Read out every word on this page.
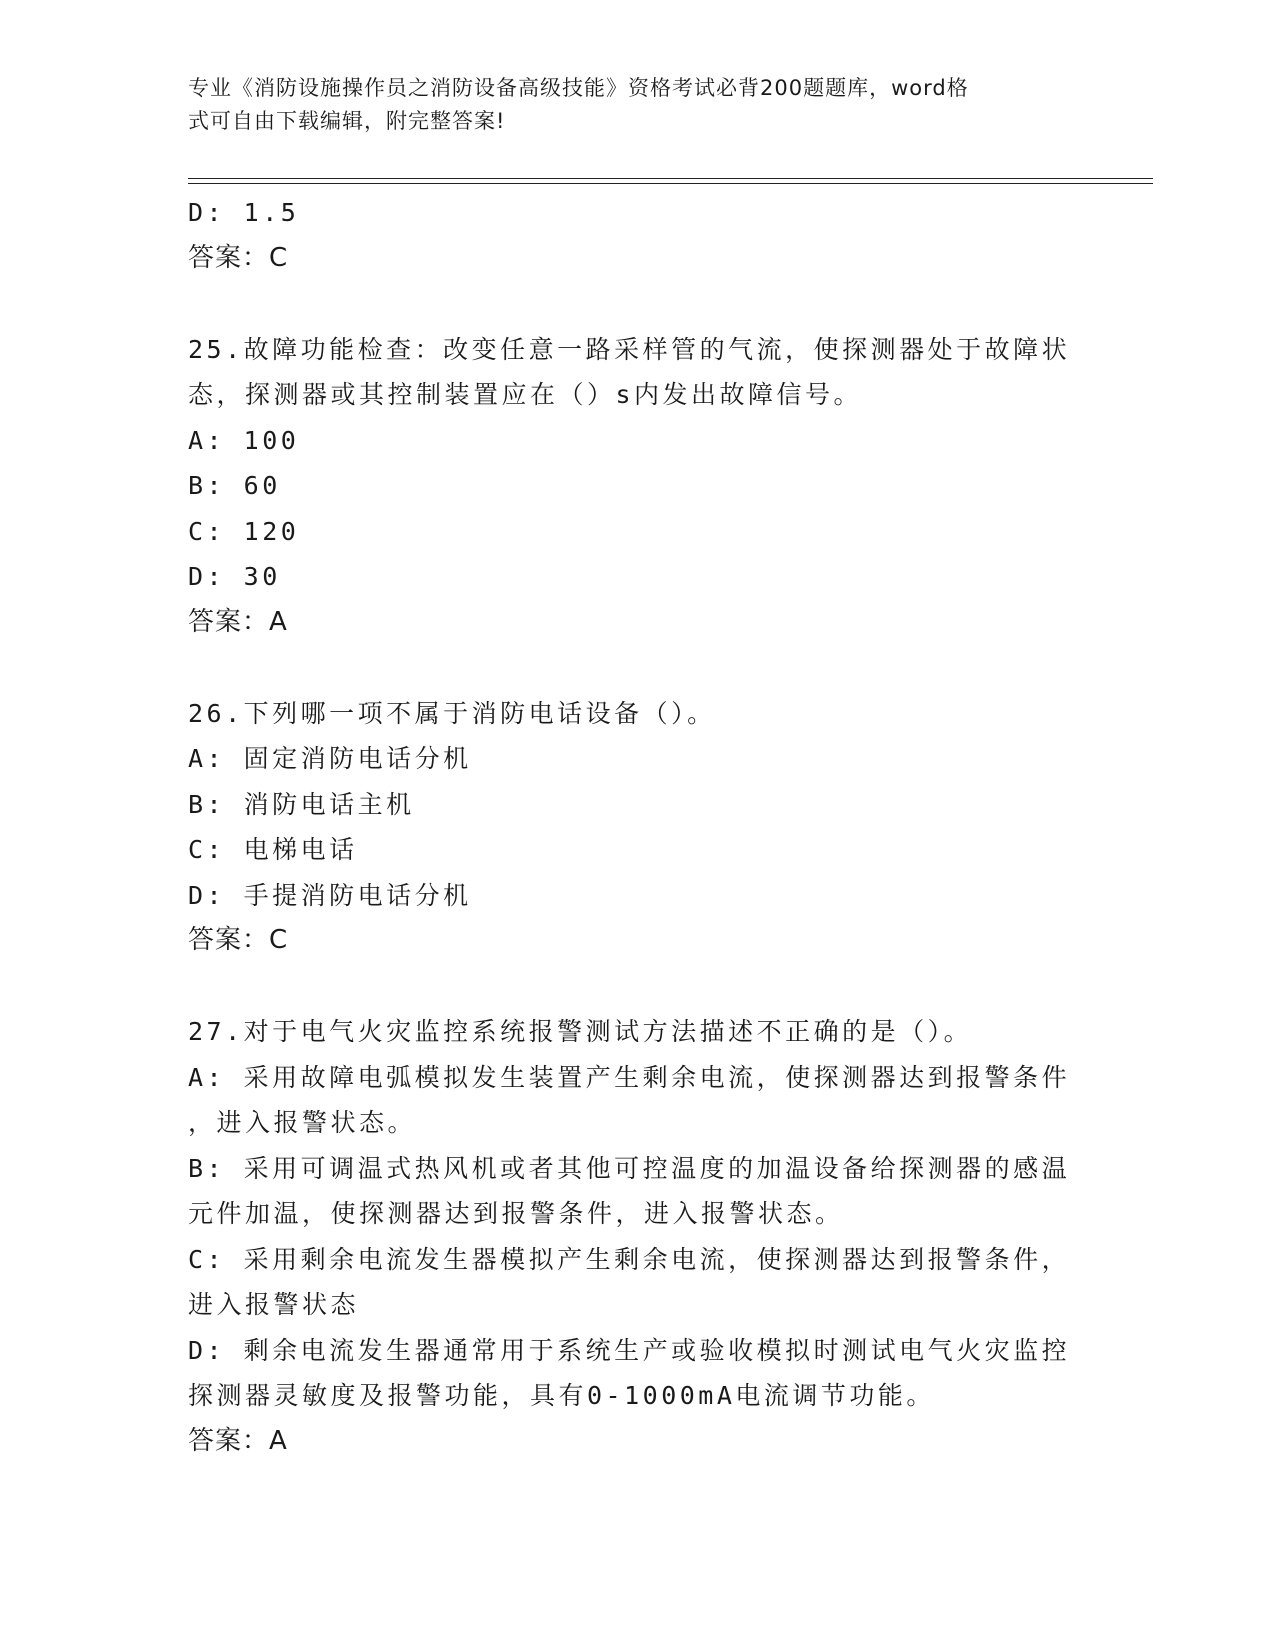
专业《消防设施操作员之消防设备高级技能》资格考试必背200题题库，word格
式可自由下载编辑，附完整答案!
D: 1.5
答案：C
25.故障功能检查：改变任意一路采样管的气流，使探测器处于故障状
态，探测器或其控制装置应在（）s内发出故障信号。
A: 100
B: 60
C: 120
D: 30
答案：A
26.下列哪一项不属于消防电话设备（）。
A: 固定消防电话分机
B: 消防电话主机
C: 电梯电话
D: 手提消防电话分机
答案：C
27.对于电气火灾监控系统报警测试方法描述不正确的是（）。
A: 采用故障电弧模拟发生装置产生剩余电流，使探测器达到报警条件
，进入报警状态。
B: 采用可调温式热风机或者其他可控温度的加温设备给探测器的感温
元件加温，使探测器达到报警条件，进入报警状态。
C: 采用剩余电流发生器模拟产生剩余电流，使探测器达到报警条件，
进入报警状态
D: 剩余电流发生器通常用于系统生产或验收模拟时测试电气火灾监控
探测器灵敏度及报警功能，具有0-1000mA电流调节功能。
答案：A
